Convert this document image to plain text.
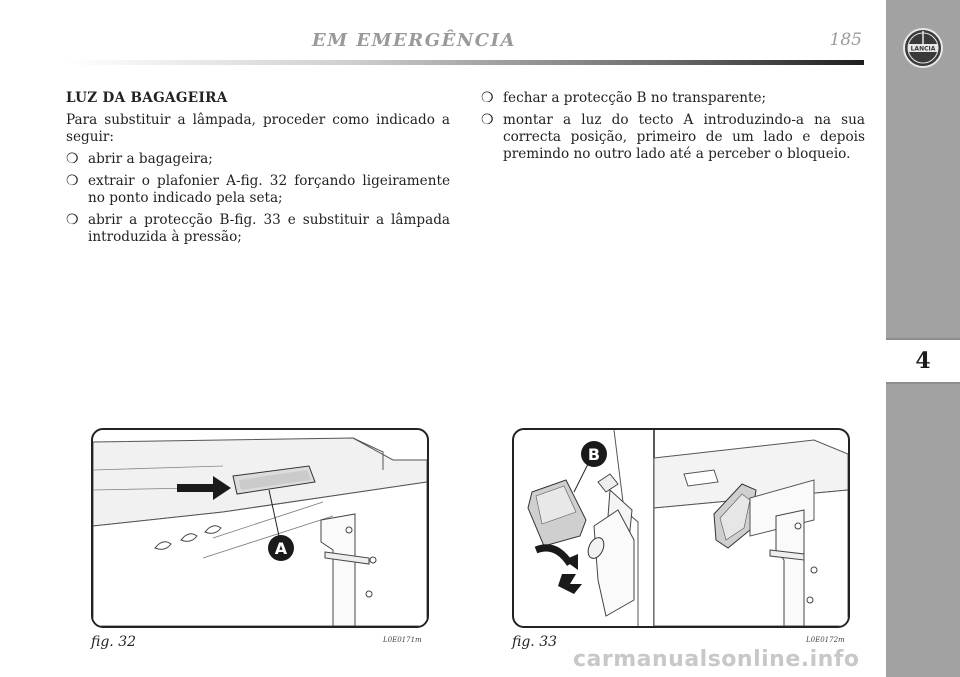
EM EMERGÊNCIA	185	LANCIA
4
LUZ DA BAGAGEIRA

Para substituir a lâmpada, proceder como indicado a seguir:

❍ abrir a bagageira;
❍ extrair o plafonier A-fig. 32 forçando ligeiramente no ponto indicado pela seta;
❍ abrir a protecção B-fig. 33 e substituir a lâmpada introduzida à pressão;
❍ fechar a protecção B no transparente;
❍ montar a luz do tecto A introduzindo-a na sua correcta posição, primeiro de um lado e depois premindo no outro lado até a perceber o bloqueio.
A
fig. 32	L0E0171m
B
fig. 33	L0E0172m
carmanualsonline.info
